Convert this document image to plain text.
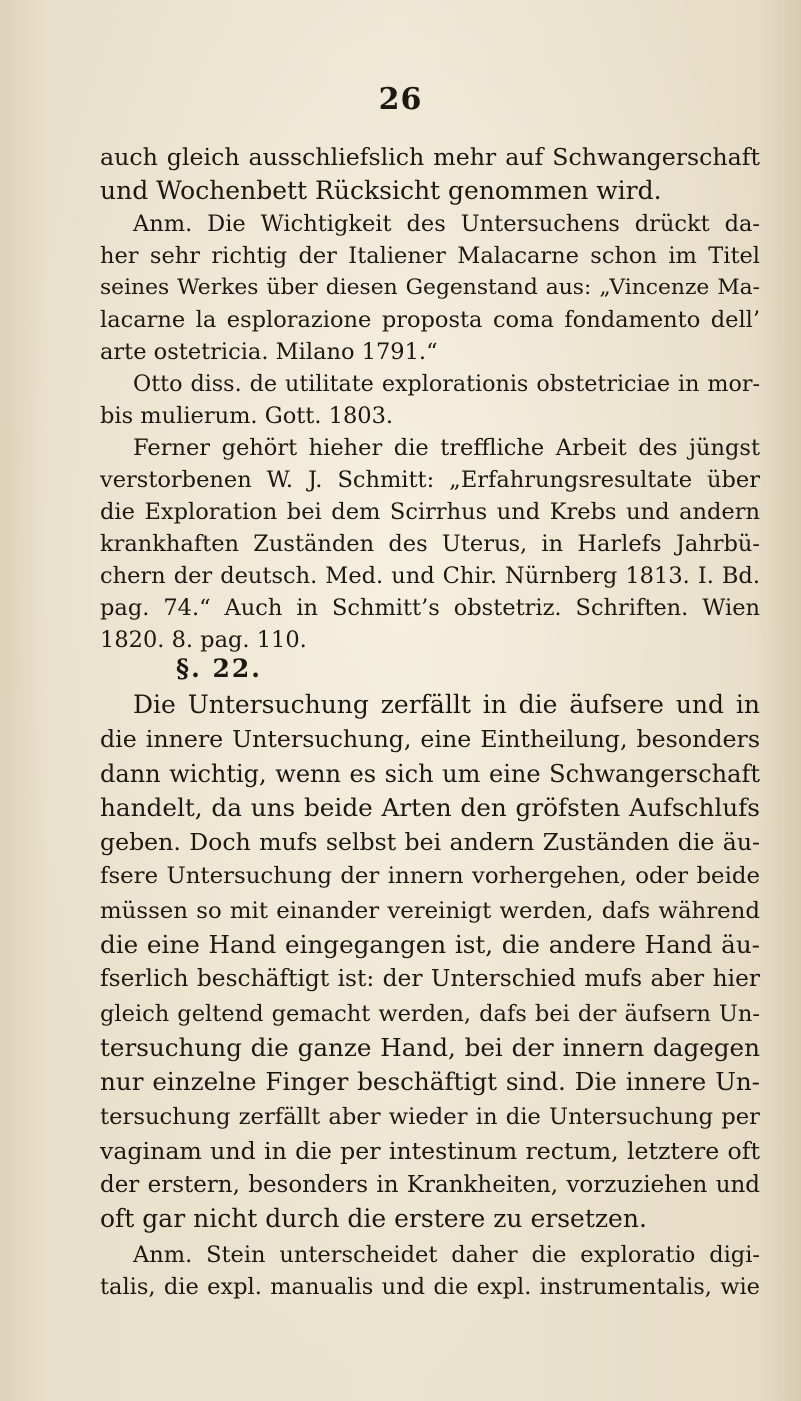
26
auch gleich ausschliefslich mehr auf Schwangerschaft
und Wochenbett Rücksicht genommen wird.
Anm. Die Wichtigkeit des Untersuchens drückt da-
her sehr richtig der Italiener Malacarne schon im Titel
seines Werkes über diesen Gegenstand aus: „Vincenze Ma-
lacarne la esplorazione proposta coma fondamento dell’
arte ostetricia. Milano 1791.“
Otto diss. de utilitate explorationis obstetriciae in mor-
bis mulierum. Gott. 1803.
Ferner gehört hieher die treffliche Arbeit des jüngst
verstorbenen W. J. Schmitt: „Erfahrungsresultate über
die Exploration bei dem Scirrhus und Krebs und andern
krankhaften Zuständen des Uterus, in Harlefs Jahrbü-
chern der deutsch. Med. und Chir. Nürnberg 1813. I. Bd.
pag. 74.“ Auch in Schmitt’s obstetriz. Schriften. Wien
1820. 8. pag. 110.
§. 22.
Die Untersuchung zerfällt in die äufsere und in
die innere Untersuchung, eine Eintheilung, besonders
dann wichtig, wenn es sich um eine Schwangerschaft
handelt, da uns beide Arten den gröfsten Aufschlufs
geben. Doch mufs selbst bei andern Zuständen die äu-
fsere Untersuchung der innern vorhergehen, oder beide
müssen so mit einander vereinigt werden, dafs während
die eine Hand eingegangen ist, die andere Hand äu-
fserlich beschäftigt ist: der Unterschied mufs aber hier
gleich geltend gemacht werden, dafs bei der äufsern Un-
tersuchung die ganze Hand, bei der innern dagegen
nur einzelne Finger beschäftigt sind. Die innere Un-
tersuchung zerfällt aber wieder in die Untersuchung per
vaginam und in die per intestinum rectum, letztere oft
der erstern, besonders in Krankheiten, vorzuziehen und
oft gar nicht durch die erstere zu ersetzen.
Anm. Stein unterscheidet daher die exploratio digi-
talis, die expl. manualis und die expl. instrumentalis, wie
